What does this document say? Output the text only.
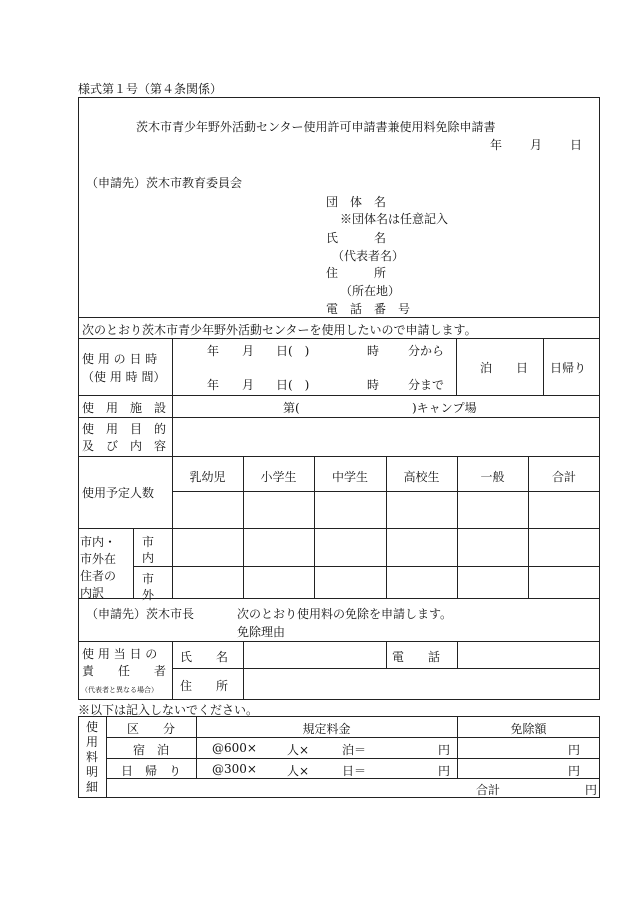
様式第１号（第４条関係）
茨木市青少年野外活動センター使用許可申請書兼使用料免除申請書
年 月 日
（申請先）茨木市教育委員会
団　体　名
※団体名は任意記入
氏　　　名
（代表者名）
住　　　所
（所在地）
電　話　番　号
次のとおり茨木市青少年野外活動センターを使用したいので申請します。
使 用 の 日 時
（使 用 時 間）
年 月 日(　)	時 分から
年 月 日(　)	時 分まで
泊　　日 日帰り
使　用　施　設	第(	)キャンプ場
使　用　目　的
及　び　内　容
使用予定人数
乳幼児	小学生	中学生	高校生	一般	合計
市内・
市外在
住者の
内訳
市
内
市
外
（申請先）茨木市長	次のとおり使用料の免除を申請します。
免除理由
使 用 当 日 の
責　　任　　者
（代表者と異なる場合）
氏　　名	電　　話
住　　所
※以下は記入しないでください。
使
用
料
明
細
区　　分	規定料金	免除額
宿　泊	@600×	人×	泊＝	円	円
日　帰　り	@300×	人×	日＝	円	円
合計	円
